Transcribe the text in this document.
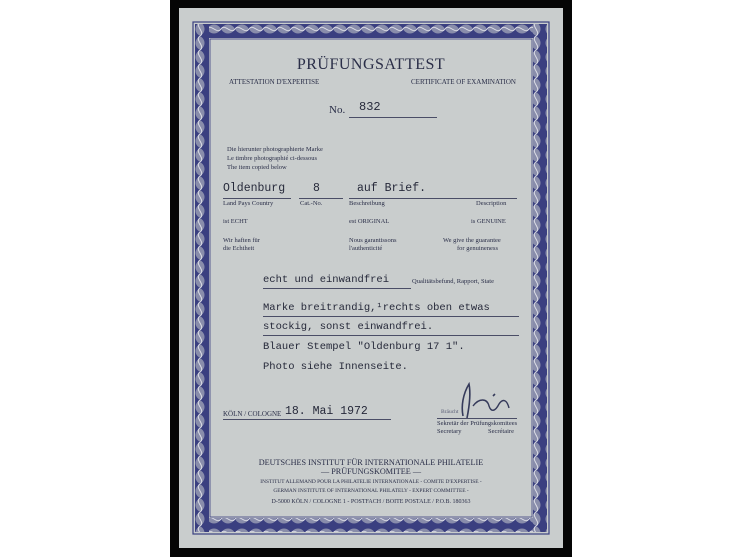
PRÜFUNGSATTEST
ATTESTATION D'EXPERTISE	CERTIFICATE OF EXAMINATION
No. 832
Die hierunter photographierte Marke
Le timbre photographié ci-dessous
The item copied below
Oldenburg 8	auf Brief.
Land Pays Country	Cat.-No.	Beschreibung	Description
ist ECHT	est ORIGINAL	is GENUINE
Wir haften für
die Echtheit
Nous garantissons
l'authenticité
We give the guarantee
for genuineness
echt und einwandfrei	Qualitätsbefund, Rapport, State
Marke breitrandig,¹rechts oben etwas
stockig, sonst einwandfrei.
Blauer Stempel "Oldenburg 17 1".
Photo siehe Innenseite.
Bräucht
KÖLN / COLOGNE 18. Mai 1972
Sekretär der Prüfungskomitees
Secretary	Secrétaire
DEUTSCHES INSTITUT FÜR INTERNATIONALE PHILATELIE
— PRÜFUNGSKOMITEE —
INSTITUT ALLEMAND POUR LA PHILATELIE INTERNATIONALE - COMITE D'EXPERTISE -
GERMAN INSTITUTE OF INTERNATIONAL PHILATELY - EXPERT COMMITTEE -
D-5000 KÖLN / COLOGNE 1 - POSTFACH / BOITE POSTALE / P.O.B. 180363
